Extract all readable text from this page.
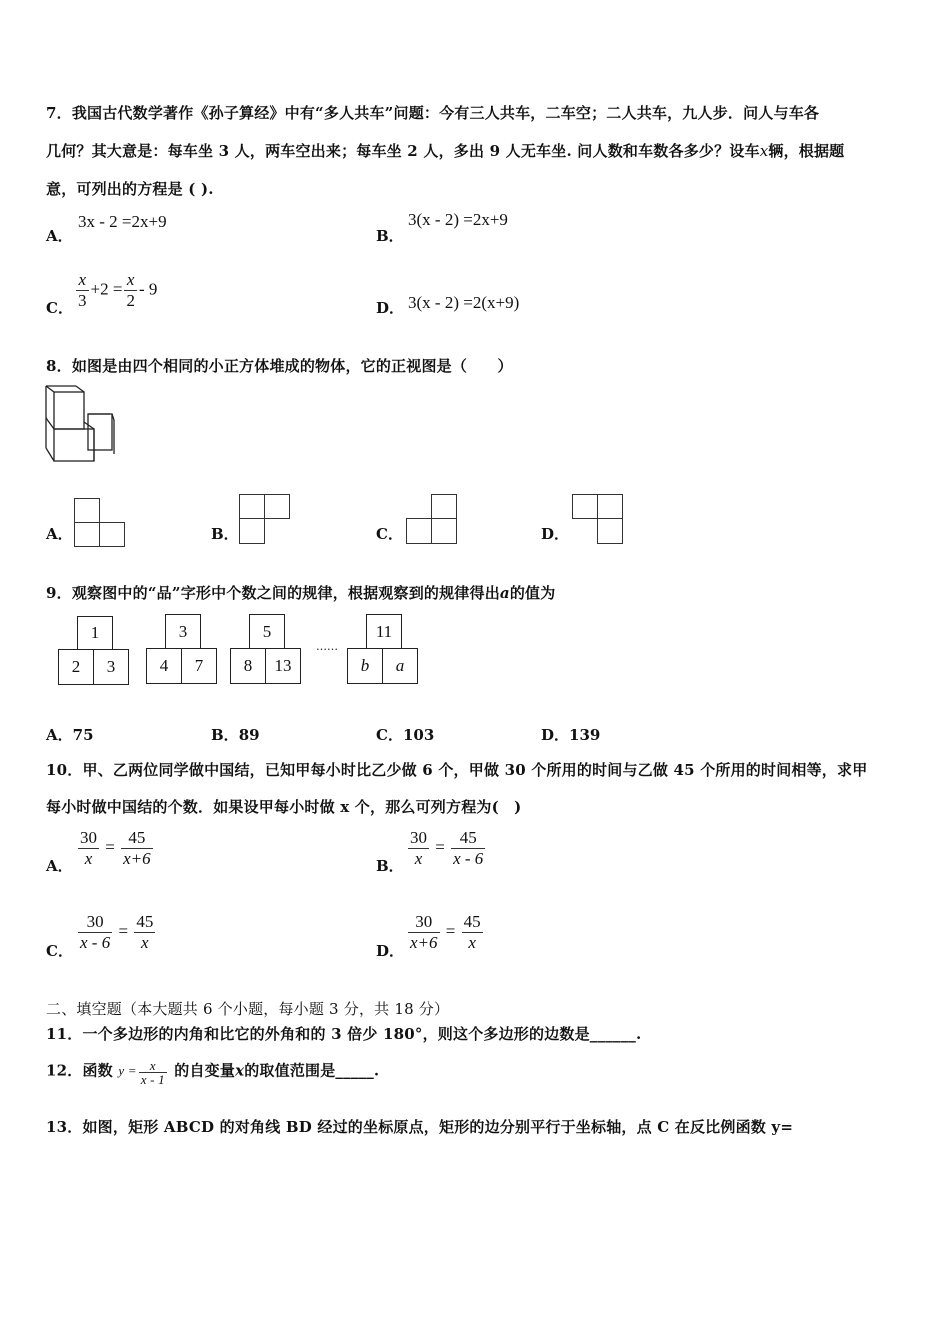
7．我国古代数学著作《孙子算经》中有“多人共车”问题：今有三人共车，二车空；二人共车，九人步．问人与车各
几何？其大意是：每车坐 3 人，两车空出来；每车坐 2 人，多出 9 人无车坐. 问人数和车数各多少？设车x辆，根据题
意，可列出的方程是 ( ).
A．
3x - 2 =2x+9
B．
3(x - 2) =2x+9
C． $\frac{x}{3} +2 = \frac{x}{2} - 9$
D． 3(x - 2) =2(x+9)
8．如图是由四个相同的小正方体堆成的物体，它的正视图是（　　）
A．	B．	C．	D．
9．观察图中的“品”字形中个数之间的规律，根据观察到的规律得出a的值为
1
2	3
3
4	7
5
8	13
……
11
b	a
A．75	B．89	C．103	D．139
10．甲、乙两位同学做中国结，已知甲每小时比乙少做 6 个，甲做 30 个所用的时间与乙做 45 个所用的时间相等，求甲
每小时做中国结的个数．如果设甲每小时做 x 个，那么可列方程为(　)
A． $\frac{30}{x} = \frac{45}{x+6}$	B． $\frac{30}{x} = \frac{45}{x - 6}$
C． $\frac{30}{x - 6} = \frac{45}{x}$	D． $\frac{30}{x+6} = \frac{45}{x}$
二、填空题（本大题共 6 个小题，每小题 3 分，共 18 分）
11．一个多边形的内角和比它的外角和的 3 倍少 180°，则这个多边形的边数是______.
12．函数 $y = \frac{x}{x - 1}$ 的自变量x的取值范围是_____.
13．如图，矩形 ABCD 的对角线 BD 经过的坐标原点，矩形的边分别平行于坐标轴，点 C 在反比例函数 y=
